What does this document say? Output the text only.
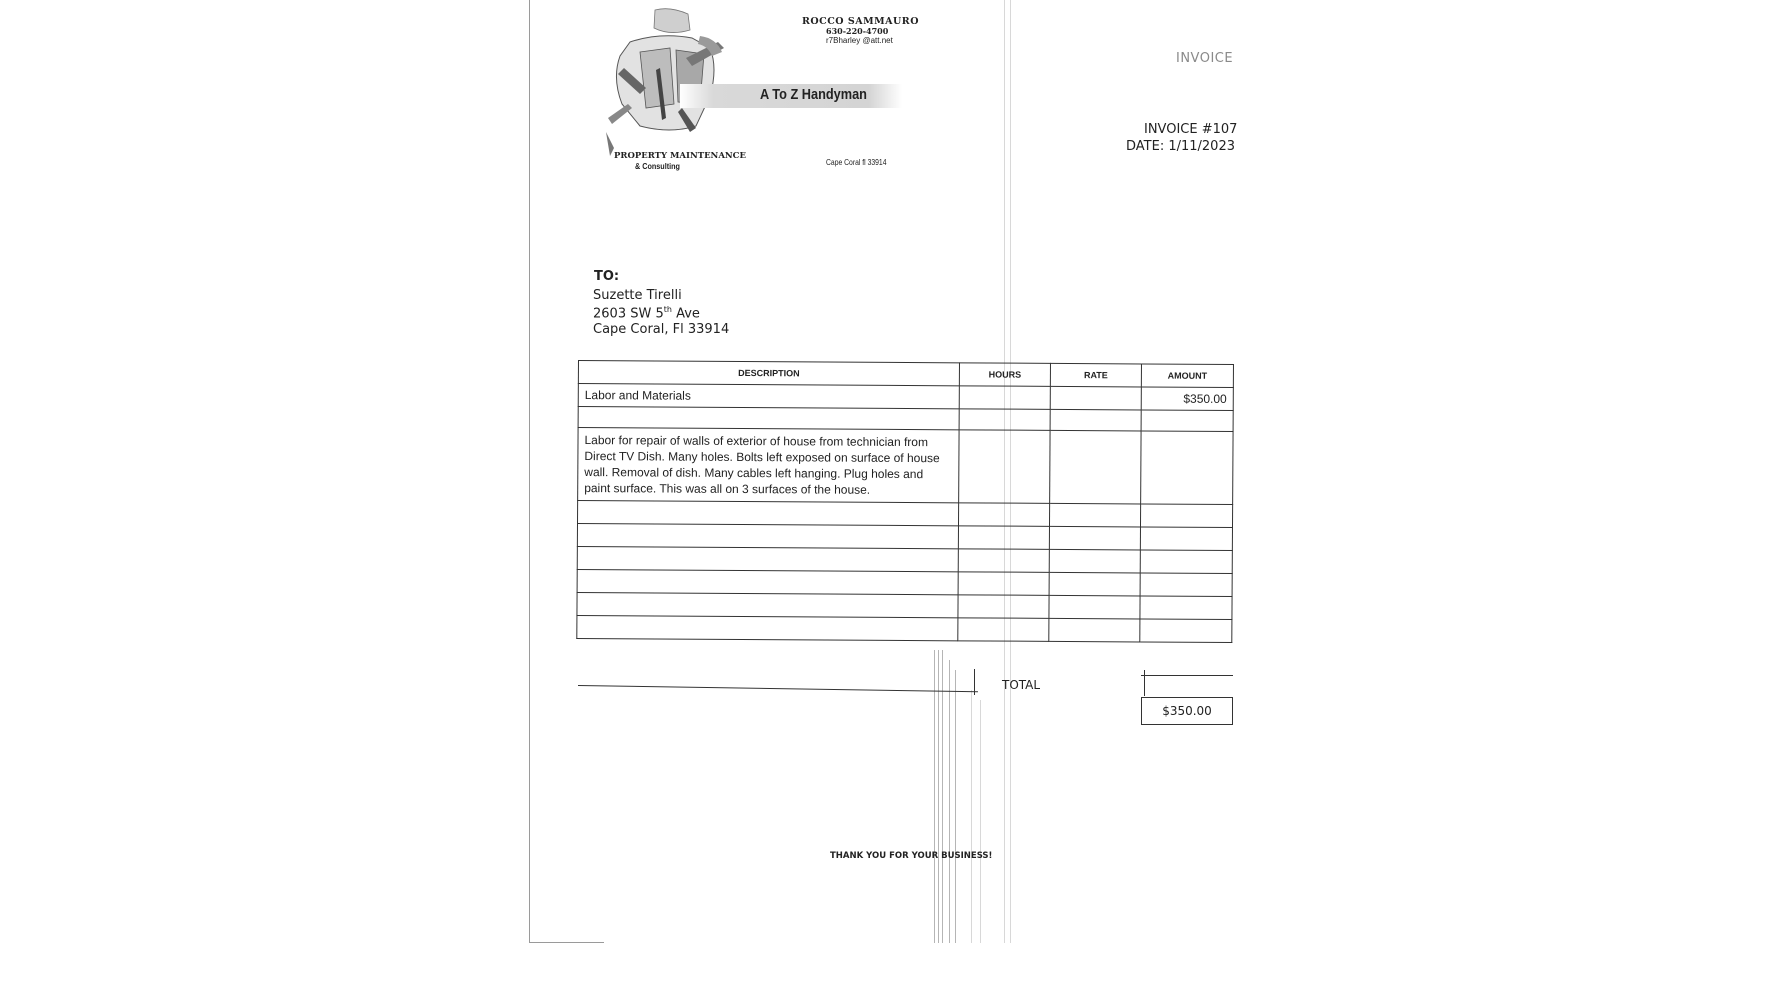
A To Z Handyman
ROCCO SAMMAURO
630-220-4700
r7Bharley @att.net
PROPERTY MAINTENANCE
& Consulting	Cape Coral fl 33914
INVOICE
INVOICE #107
DATE: 1/11/2023
TO:
Suzette Tirelli
2603 SW 5th Ave
Cape Coral, Fl 33914
DESCRIPTION	HOURS	RATE	AMOUNT
Labor and Materials			$350.00

Labor for repair of walls of exterior of house from technician from Direct TV Dish. Many holes. Bolts left exposed on surface of house wall. Removal of dish. Many cables left hanging. Plug holes and paint surface. This was all on 3 surfaces of the house.			

TOTAL
$350.00
THANK YOU FOR YOUR BUSINESS!
